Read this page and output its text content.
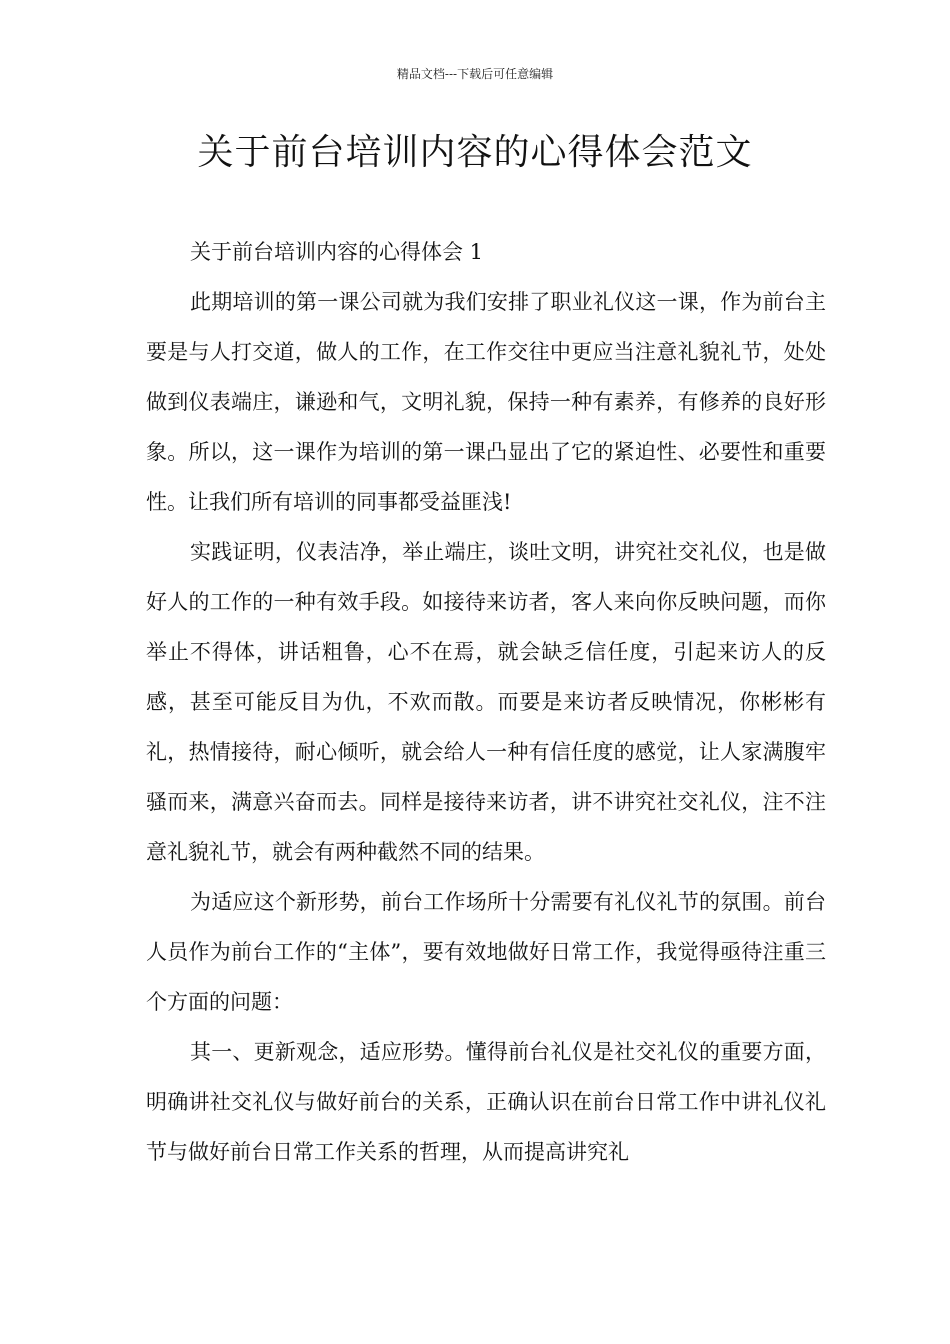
精品文档---下载后可任意编辑
关于前台培训内容的心得体会范文

关于前台培训内容的心得体会 1

此期培训的第一课公司就为我们安排了职业礼仪这一课，作为前台主要是与人打交道，做人的工作，在工作交往中更应当注意礼貌礼节，处处做到仪表端庄，谦逊和气，文明礼貌，保持一种有素养，有修养的良好形象。所以，这一课作为培训的第一课凸显出了它的紧迫性、必要性和重要性。让我们所有培训的同事都受益匪浅!

实践证明，仪表洁净，举止端庄，谈吐文明，讲究社交礼仪，也是做好人的工作的一种有效手段。如接待来访者，客人来向你反映问题，而你举止不得体，讲话粗鲁，心不在焉，就会缺乏信任度，引起来访人的反感，甚至可能反目为仇，不欢而散。而要是来访者反映情况，你彬彬有礼，热情接待，耐心倾听，就会给人一种有信任度的感觉，让人家满腹牢骚而来，满意兴奋而去。同样是接待来访者，讲不讲究社交礼仪，注不注意礼貌礼节，就会有两种截然不同的结果。

为适应这个新形势，前台工作场所十分需要有礼仪礼节的氛围。前台人员作为前台工作的“主体”，要有效地做好日常工作，我觉得亟待注重三个方面的问题：

其一、更新观念，适应形势。懂得前台礼仪是社交礼仪的重要方面，明确讲社交礼仪与做好前台的关系，正确认识在前台日常工作中讲礼仪礼节与做好前台日常工作关系的哲理，从而提高讲究礼
